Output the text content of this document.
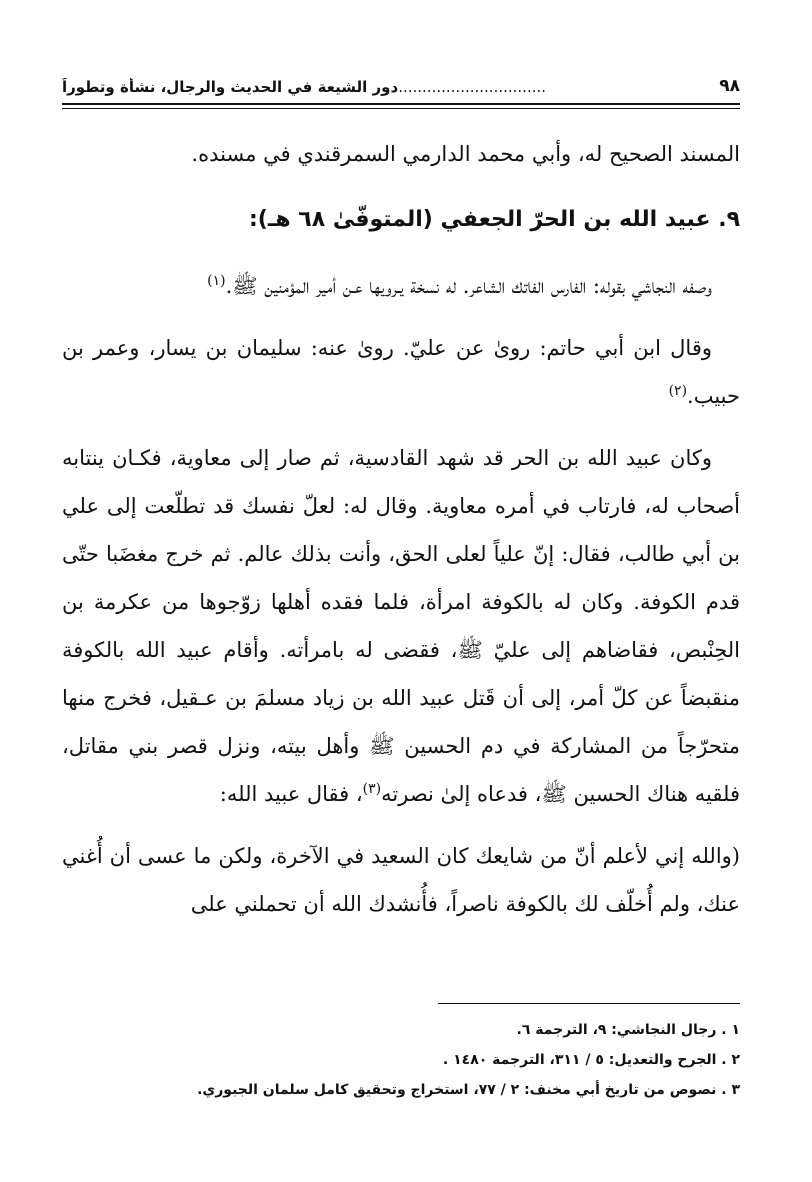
٩٨
...............................دور الشيعة في الحديث والرجال، نشأة وتطوراً

المسند الصحيح له، وأبي محمد الدارمي السمرقندي في مسنده.

٩. عبيد الله بن الحرّ الجعفي (المتوفّىٰ ٦٨ هـ):

وصفه النجاشي بقوله: الفارس الفاتك الشاعر. له نسخة يـرويها عـن أمير المؤمنين ﷺ.$^{(١)}$

وقال ابن أبي حاتم: روىٰ عن عليّ. روىٰ عنه: سليمان بن يسار، وعمر بن حبيب.$^{(٢)}$

وكان عبيد الله بن الحر قد شهد القادسية، ثم صار إلى معاوية، فكـان ينتابه أصحاب له، فارتاب في أمره معاوية. وقال له: لعلّ نفسك قد تطلّعت إلى علي بن أبي طالب، فقال: إنّ علياً لعلى الحق، وأنت بذلك عالم. ثم خرج مغضَبا حتّى قدم الكوفة. وكان له بالكوفة امرأة، فلما فقده أهلها زوّجوها من عكرمة بن الحِنْبص، فقاضاهم إلى عليّ ﷺ، فقضى له بامرأته. وأقام عبيد الله بالكوفة منقبضاً عن كلّ أمر، إلى أن قَتل عبيد الله بن زياد مسلمَ بن عـقيل، فخرج منها متحرّجاً من المشاركة في دم الحسين ﷺ وأهل بيته، ونزل قصر بني مقاتل، فلقيه هناك الحسين ﷺ، فدعاه إلىٰ نصرته$^{(٣)}$، فقال عبيد الله:

(والله إني لأعلم أنّ من شايعك كان السعيد في الآخرة، ولكن ما عسى أن أُغني عنك، ولم أُخلّف لك بالكوفة ناصراً، فأُنشدك الله أن تحملني على

١ . رجال النجاشي: ٩، الترجمة ٦.
٢ . الجرح والتعديل: ٥ / ٣١١، الترجمة ١٤٨٠ .
٣ . نصوص من تاريخ أبي مخنف: ٢ / ٧٧، استخراج وتحقيق كامل سلمان الجبوري.
